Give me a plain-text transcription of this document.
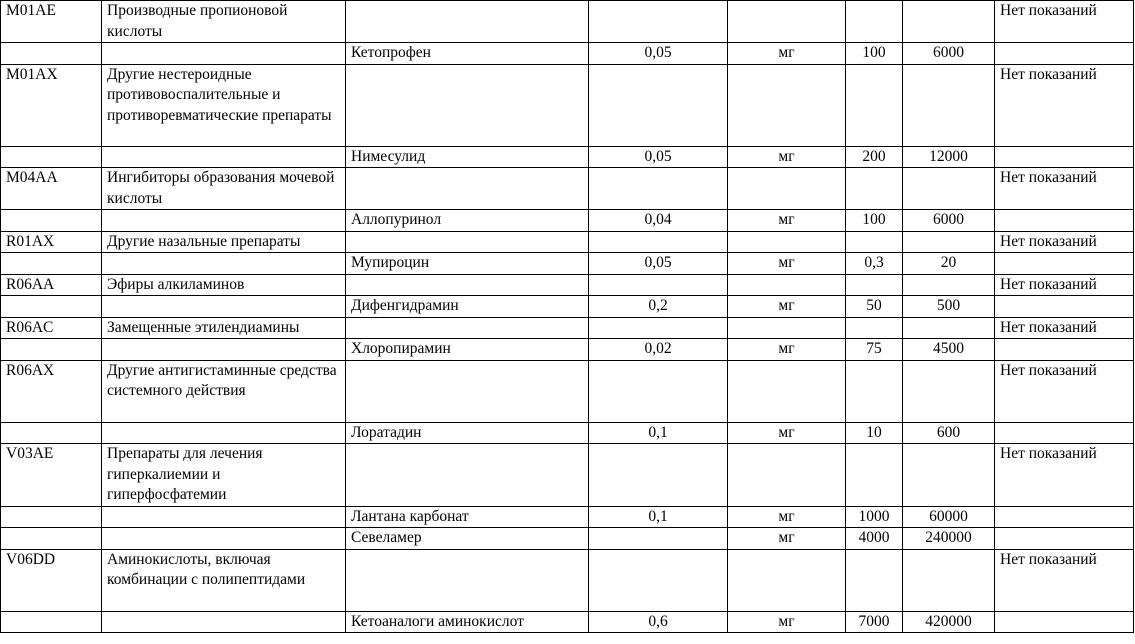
M01AE	Производные пропионовой кислоты						Нет показаний
		Кетопрофен	0,05	мг	100	6000	
M01AX	Другие нестероидные противовоспалительные и противоревматические препараты						Нет показаний
		Нимесулид	0,05	мг	200	12000	
M04AA	Ингибиторы образования мочевой кислоты						Нет показаний
		Аллопуринол	0,04	мг	100	6000	
R01AX	Другие назальные препараты						Нет показаний
		Мупироцин	0,05	мг	0,3	20	
R06AA	Эфиры алкиламинов						Нет показаний
		Дифенгидрамин	0,2	мг	50	500	
R06AC	Замещенные этилендиамины						Нет показаний
		Хлоропирамин	0,02	мг	75	4500	
R06AX	Другие антигистаминные средства системного действия						Нет показаний
		Лоратадин	0,1	мг	10	600	
V03AE	Препараты для лечения гиперкалиемии и гиперфосфатемии						Нет показаний
		Лантана карбонат	0,1	мг	1000	60000	
		Севеламер		мг	4000	240000	
V06DD	Аминокислоты, включая комбинации с полипептидами						Нет показаний
		Кетоаналоги аминокислот	0,6	мг	7000	420000	
